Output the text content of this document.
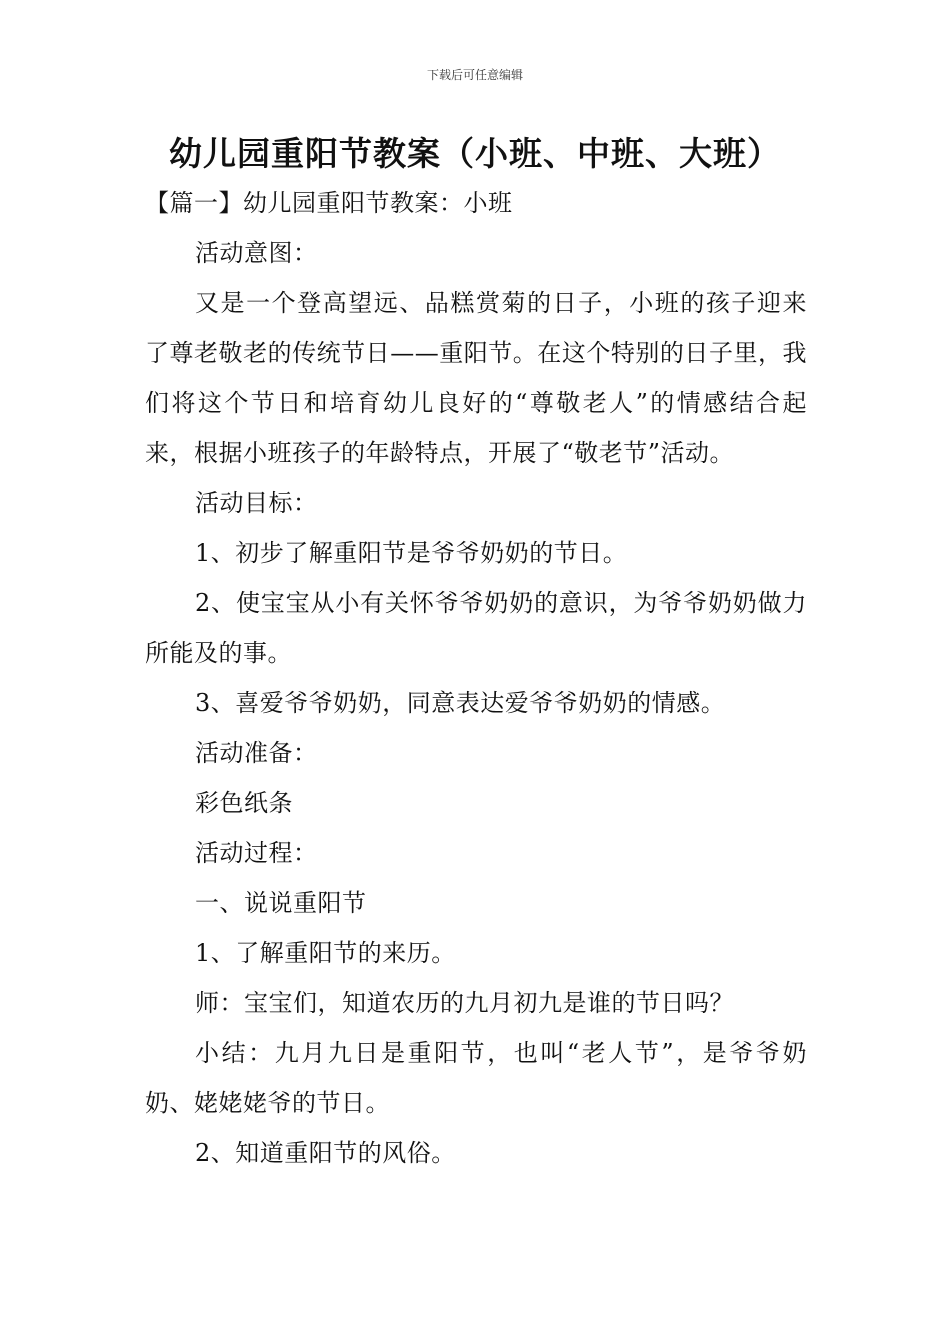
下载后可任意编辑
幼儿园重阳节教案（小班、中班、大班）

【篇一】幼儿园重阳节教案：小班

活动意图：

又是一个登高望远、品糕赏菊的日子，小班的孩子迎来了尊老敬老的传统节日——重阳节。在这个特别的日子里，我们将这个节日和培育幼儿良好的“尊敬老人”的情感结合起来，根据小班孩子的年龄特点，开展了“敬老节”活动。

活动目标：

1、初步了解重阳节是爷爷奶奶的节日。

2、使宝宝从小有关怀爷爷奶奶的意识，为爷爷奶奶做力所能及的事。

3、喜爱爷爷奶奶，同意表达爱爷爷奶奶的情感。

活动准备：

彩色纸条

活动过程：

一、说说重阳节

1、了解重阳节的来历。

师：宝宝们，知道农历的九月初九是谁的节日吗？

小结：九月九日是重阳节，也叫“老人节”，是爷爷奶奶、姥姥姥爷的节日。

2、知道重阳节的风俗。
